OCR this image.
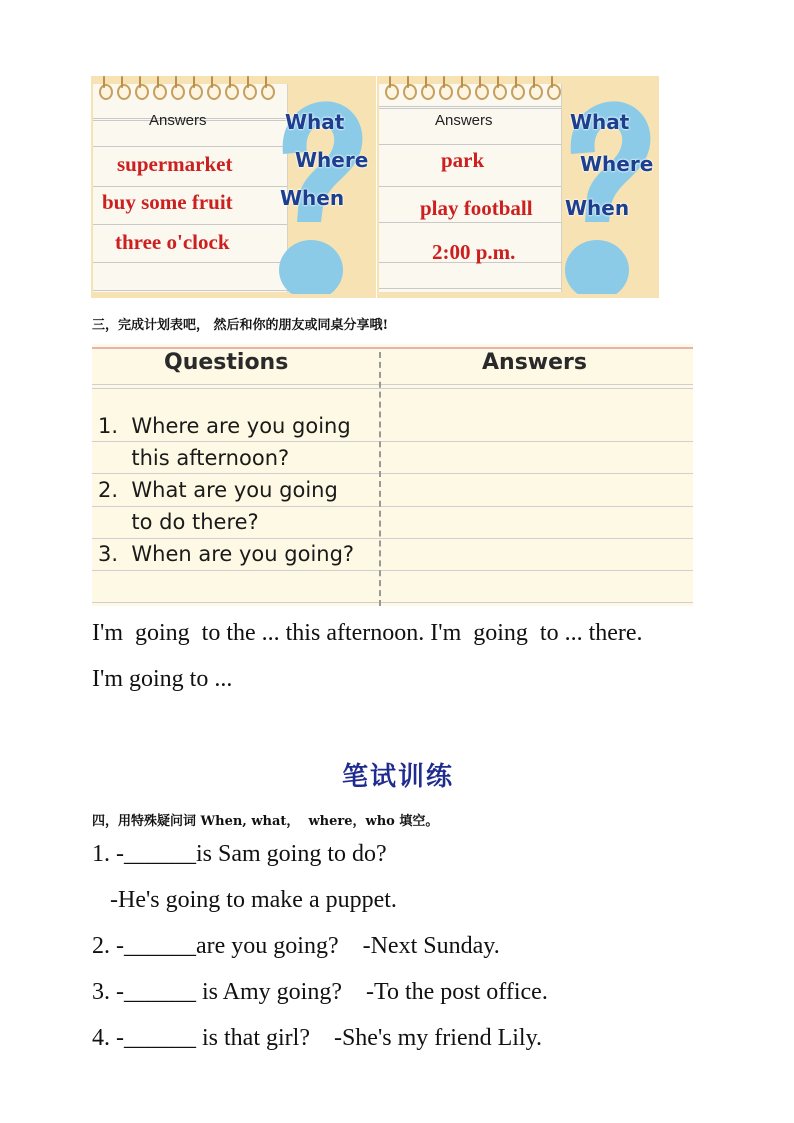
Answers
supermarket
buy some fruit
three o'clock
What
Where
When
Answers
park
play football
2:00 p.m.
What
Where
When
三，完成计划表吧， 然后和你的朋友或同桌分享哦!
Questions	Answers
1.  Where are you going
this afternoon?
2.  What are you going
to do there?
3.  When are you going?
I'm  going  to the ... this afternoon. I'm  going  to ... there.
I'm going to ...
笔试训练
四，用特殊疑问词 When, what，  where，who 填空。
1. -______is Sam going to do?
-He's going to make a puppet.
2. -______are you going?    -Next Sunday.
3. -______ is Amy going?    -To the post office.
4. -______ is that girl?    -She's my friend Lily.
